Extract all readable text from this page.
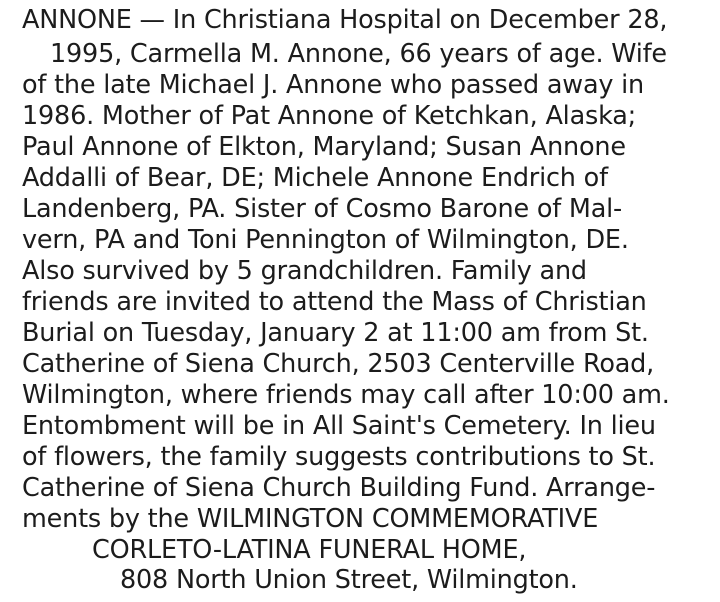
ANNONE — In Christiana Hospital on December 28,
1995, Carmella M. Annone, 66 years of age. Wife
of the late Michael J. Annone who passed away in
1986. Mother of Pat Annone of Ketchkan, Alaska;
Paul Annone of Elkton, Maryland; Susan Annone
Addalli of Bear, DE; Michele Annone Endrich of
Landenberg, PA. Sister of Cosmo Barone of Mal-
vern, PA and Toni Pennington of Wilmington, DE.
Also survived by 5 grandchildren. Family and
friends are invited to attend the Mass of Christian
Burial on Tuesday, January 2 at 11:00 am from St.
Catherine of Siena Church, 2503 Centerville Road,
Wilmington, where friends may call after 10:00 am.
Entombment will be in All Saint's Cemetery. In lieu
of flowers, the family suggests contributions to St.
Catherine of Siena Church Building Fund. Arrange-
ments by the WILMINGTON COMMEMORATIVE
CORLETO-LATINA FUNERAL HOME,
808 North Union Street, Wilmington.
